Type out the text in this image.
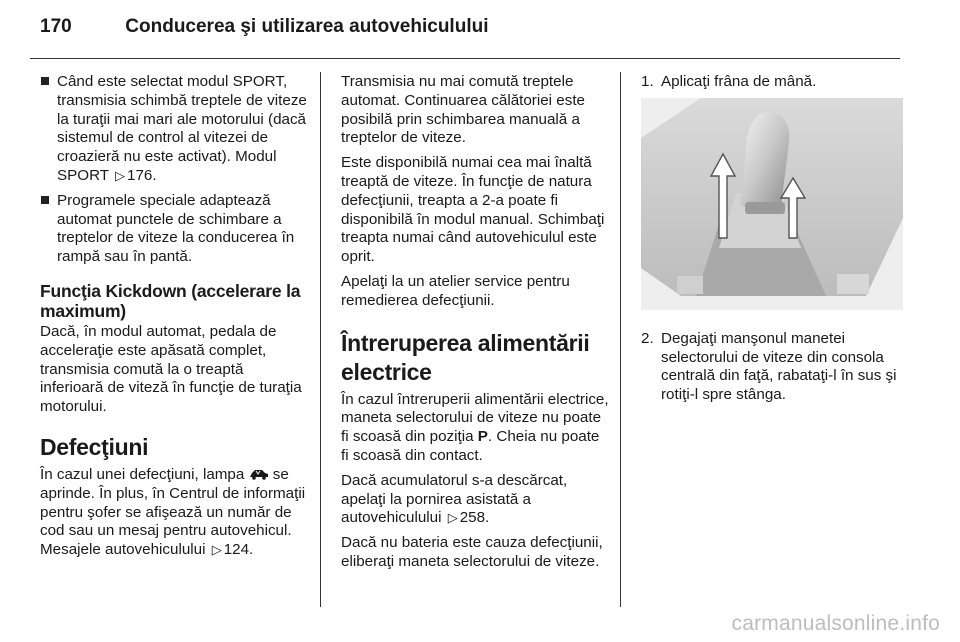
170	Conducerea şi utilizarea autovehiculului
Când este selectat modul SPORT, transmisia schimbă treptele de viteze la turaţii mai mari ale motorului (dacă sistemul de control al vitezei de croazieră nu este activat). Modul SPORT ▷ 176.
Programele speciale adaptează automat punctele de schimbare a treptelor de viteze la conducerea în rampă sau în pantă.
Funcţia Kickdown (accelerare la maximum)

Dacă, în modul automat, pedala de acceleraţie este apăsată complet, transmisia comută la o treaptă inferioară de viteză în funcţie de turaţia motorului.

Defecţiuni

În cazul unei defecţiuni, lampa se aprinde. În plus, în Centrul de informaţii pentru şofer se afişează un număr de cod sau un mesaj pentru autovehicul. Mesajele autovehiculului ▷ 124.

Transmisia nu mai comută treptele automat. Continuarea călătoriei este posibilă prin schimbarea manuală a treptelor de viteze.

Este disponibilă numai cea mai înaltă treaptă de viteze. În funcţie de natura defecţiunii, treapta a 2-a poate fi disponibilă în modul manual. Schimbaţi treapta numai când autovehiculul este oprit.

Apelaţi la un atelier service pentru remedierea defecţiunii.

Întreruperea alimentării electrice

În cazul întreruperii alimentării electrice, maneta selectorului de viteze nu poate fi scoasă din poziţia P. Cheia nu poate fi scoasă din contact.

Dacă acumulatorul s-a descărcat, apelaţi la pornirea asistată a autovehiculului ▷ 258.

Dacă nu bateria este cauza defecţiunii, eliberaţi maneta selectorului de viteze.

1. Aplicaţi frâna de mână.
2. Degajaţi manşonul manetei selectorului de viteze din consola centrală din faţă, rabataţi-l în sus şi rotiţi-l spre stânga.
carmanualsonline.info
